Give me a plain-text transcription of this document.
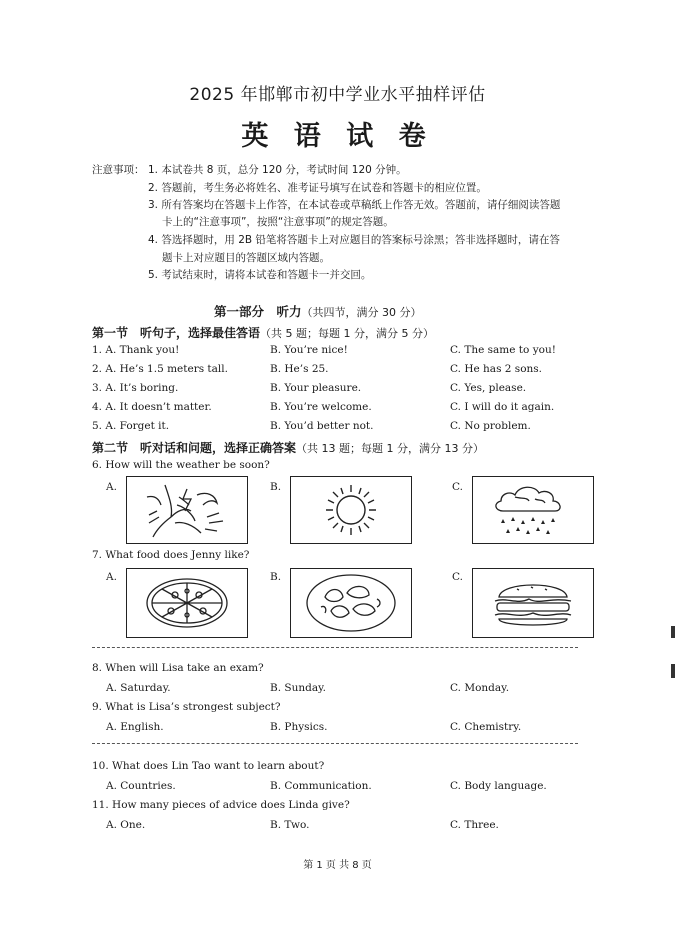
2025 年邯郸市初中学业水平抽样评估
英 语 试 卷
注意事项： 1. 本试卷共 8 页，总分 120 分，考试时间 120 分钟。
2. 答题前，考生务必将姓名、准考证号填写在试卷和答题卡的相应位置。
3. 所有答案均在答题卡上作答，在本试卷或草稿纸上作答无效。答题前，请仔细阅读答题
卡上的“注意事项”，按照“注意事项”的规定答题。
4. 答选择题时，用 2B 铅笔将答题卡上对应题目的答案标号涂黑；答非选择题时，请在答
题卡上对应题目的答题区域内答题。
5. 考试结束时，请将本试卷和答题卡一并交回。
第一部分　听力（共四节，满分 30 分）
第一节　听句子，选择最佳答语（共 5 题；每题 1 分，满分 5 分）
1. A. Thank you!	B. You’re nice!	C. The same to you!
2. A. He’s 1.5 meters tall.	B. He’s 25.	C. He has 2 sons.
3. A. It’s boring.	B. Your pleasure.	C. Yes, please.
4. A. It doesn’t matter.	B. You’re welcome.	C. I will do it again.
5. A. Forget it.	B. You’d better not.	C. No problem.
第二节　听对话和问题，选择正确答案（共 13 题；每题 1 分，满分 13 分）
6. How will the weather be soon?
A.	B.	C.
7. What food does Jenny like?
A.	B.	C.
8. When will Lisa take an exam?
A. Saturday.	B. Sunday.	C. Monday.
9. What is Lisa’s strongest subject?
A. English.	B. Physics.	C. Chemistry.
10. What does Lin Tao want to learn about?
A. Countries.	B. Communication.	C. Body language.
11. How many pieces of advice does Linda give?
A. One.	B. Two.	C. Three.
第 1 页 共 8 页
